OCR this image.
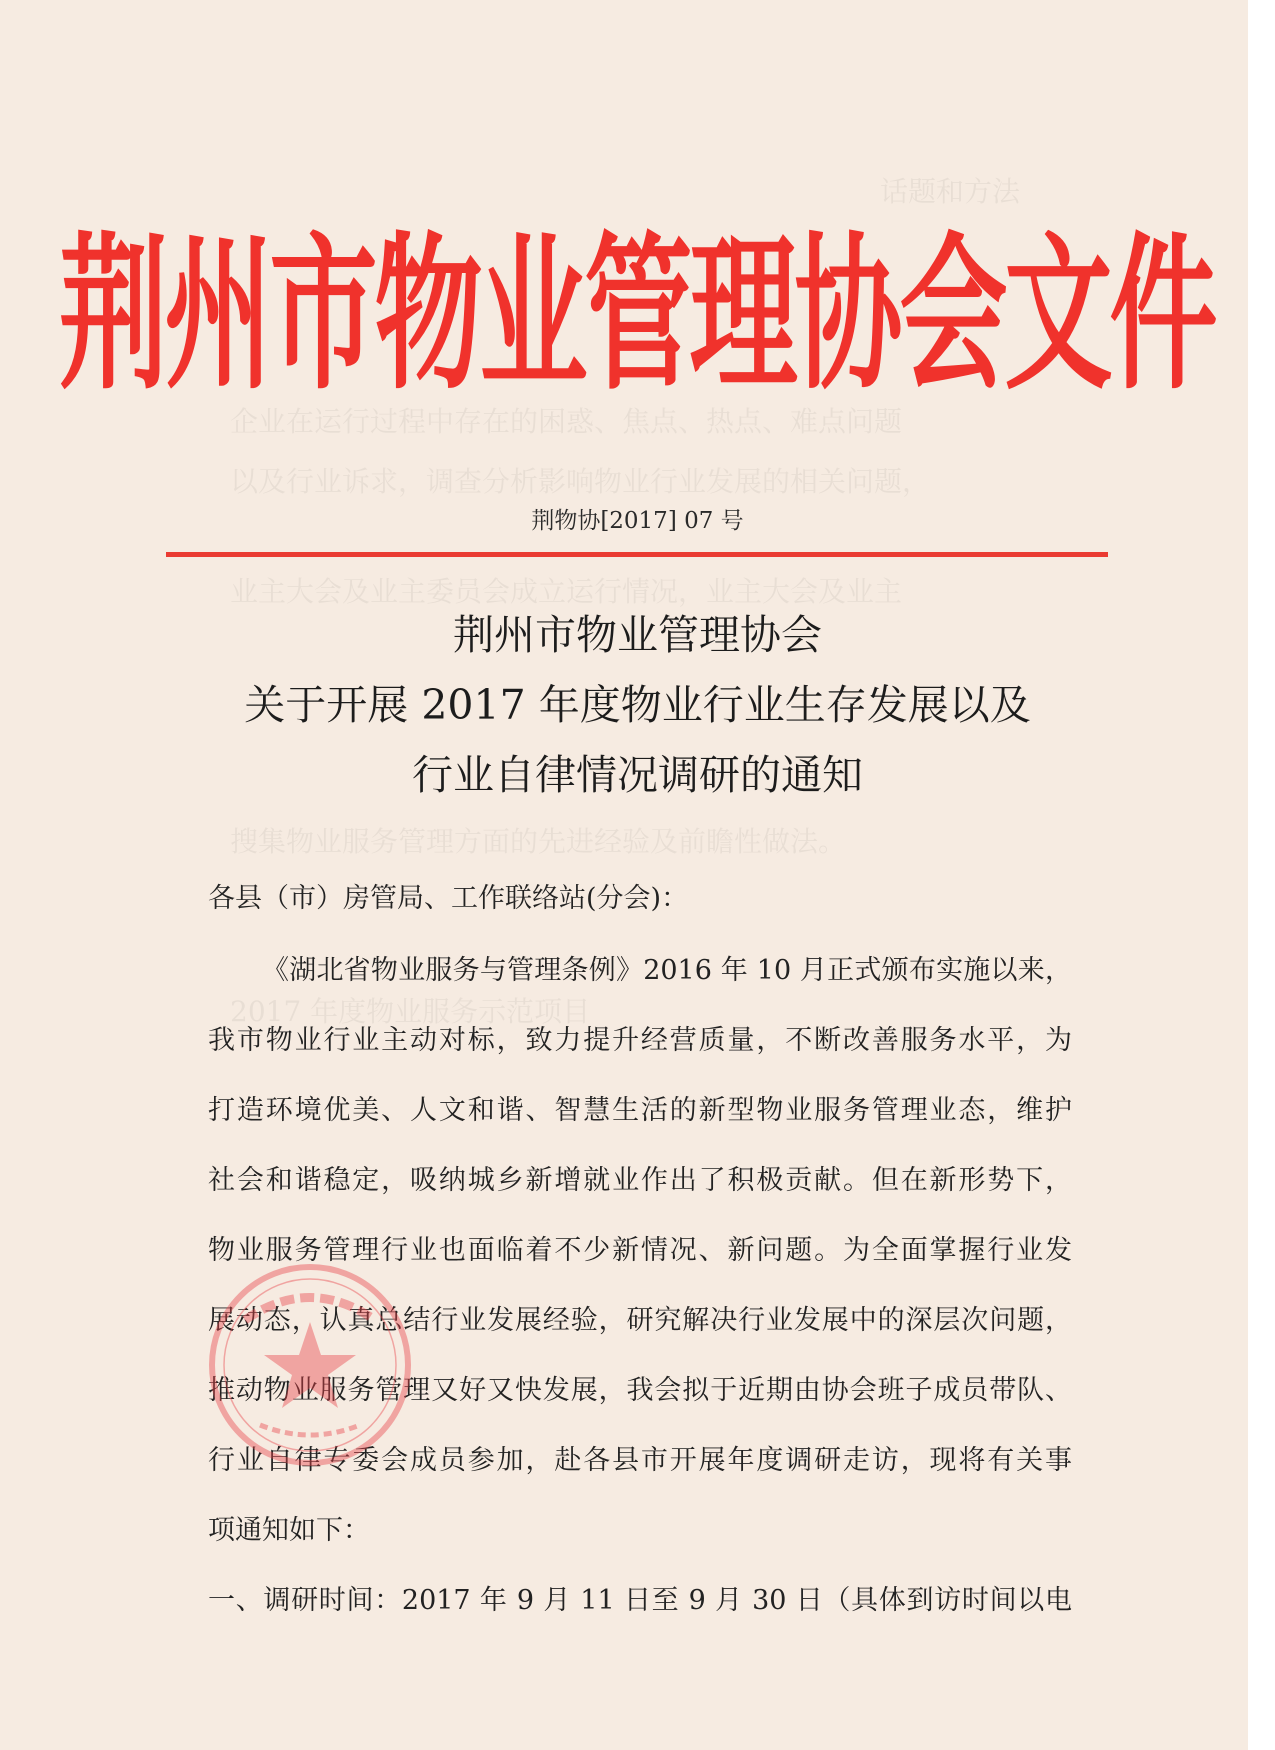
话题和方法
企业在运行过程中存在的困惑、焦点、热点、难点问题
以及行业诉求，调查分析影响物业行业发展的相关问题，
业主大会及业主委员会成立运行情况，业主大会及业主
搜集物业服务管理方面的先进经验及前瞻性做法。
2017 年度物业服务示范项目
荆州市物业管理协会文件
荆物协[2017] 07 号
荆州市物业管理协会
关于开展 2017 年度物业行业生存发展以及
行业自律情况调研的通知
各县（市）房管局、工作联络站(分会)：
《湖北省物业服务与管理条例》2016 年 10 月正式颁布实施以来，
我市物业行业主动对标，致力提升经营质量，不断改善服务水平，为
打造环境优美、人文和谐、智慧生活的新型物业服务管理业态，维护
社会和谐稳定，吸纳城乡新增就业作出了积极贡献。但在新形势下，
物业服务管理行业也面临着不少新情况、新问题。为全面掌握行业发
展动态，认真总结行业发展经验，研究解决行业发展中的深层次问题，
推动物业服务管理又好又快发展，我会拟于近期由协会班子成员带队、
行业自律专委会成员参加，赴各县市开展年度调研走访，现将有关事
项通知如下：
一、调研时间：2017 年 9 月 11 日至 9 月 30 日（具体到访时间以电
